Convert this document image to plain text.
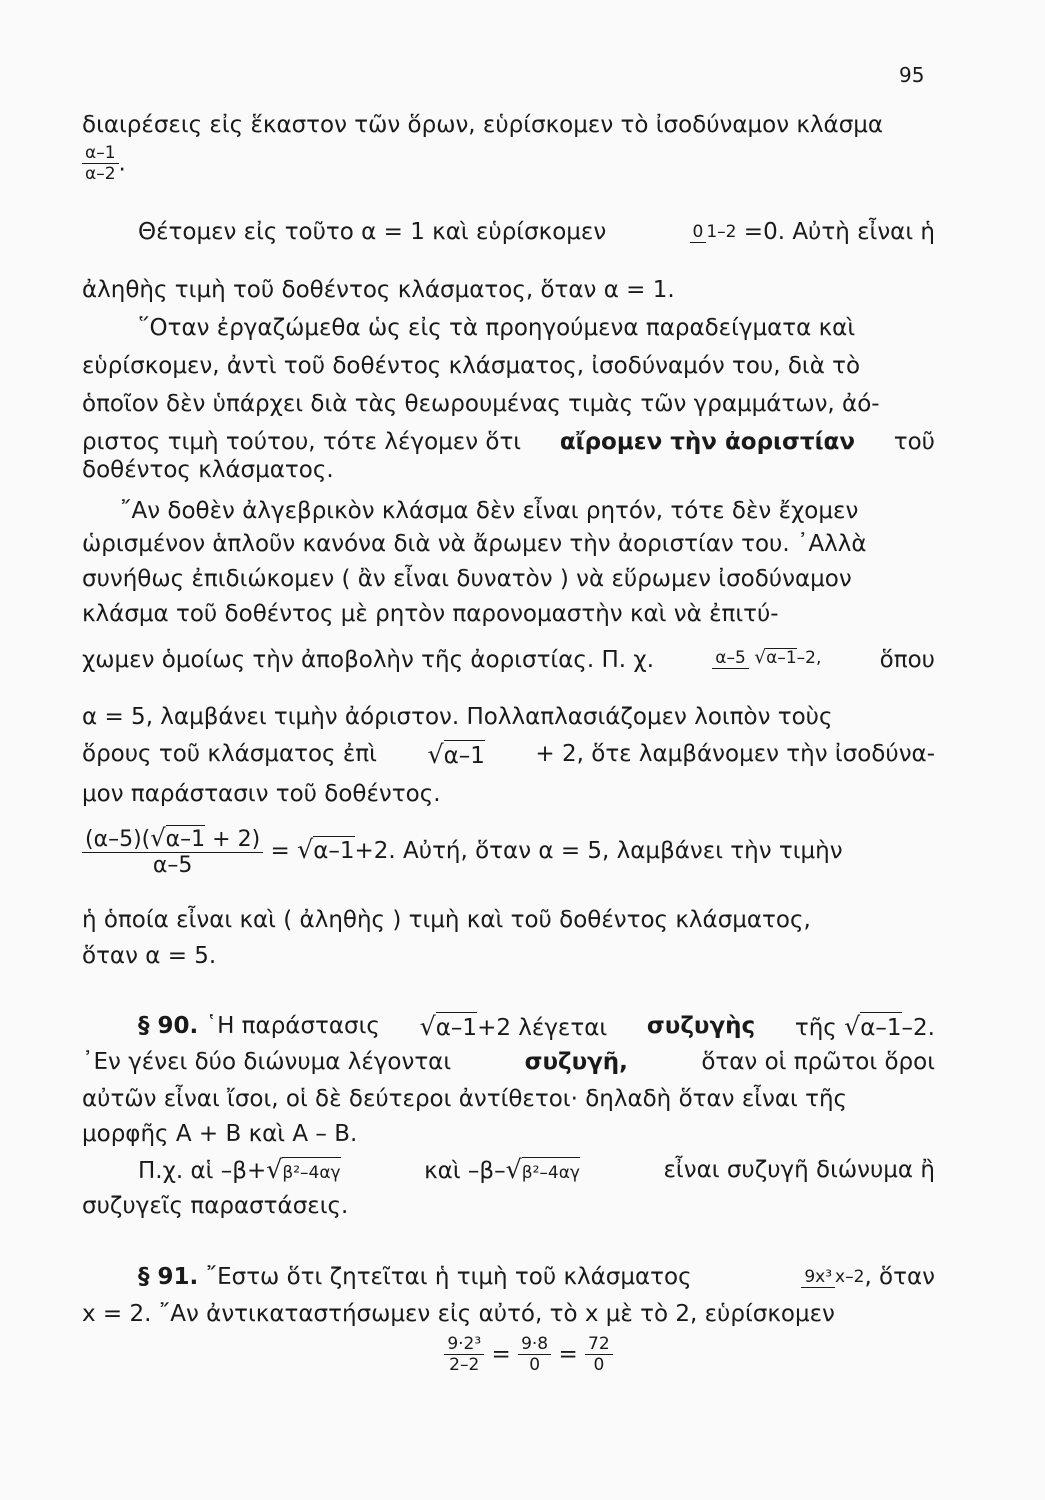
95
διαιρέσεις εἰς ἕκαστον τῶν ὅρων, εὑρίσκομεν τὸ ἰσοδύναμον κλάσμα
$\frac{\alpha-1}{\alpha-2}$ .
Θέτομεν εἰς τοῦτο α = 1 καὶ εὑρίσκομεν	0 1–2 =0. Αὐτὴ εἶναι ἡ
ἀληθὴς τιμὴ τοῦ δοθέντος κλάσματος, ὅταν α = 1.
῞Οταν ἐργαζώμεθα ὡς εἰς τὰ προηγούμενα παραδείγματα καὶ
εὑρίσκομεν, ἀντὶ τοῦ δοθέντος κλάσματος, ἰσοδύναμόν του, διὰ τὸ
ὁποῖον δὲν ὑπάρχει διὰ τὰς θεωρουμένας τιμὰς τῶν γραμμάτων, ἀό-
ριστος τιμὴ τούτου, τότε λέγομεν ὅτι αἴρομεν τὴν ἀοριστίαν τοῦ
δοθέντος κλάσματος.
῎Αν δοθὲν ἀλγεβρικὸν κλάσμα δὲν εἶναι ρητόν, τότε δὲν ἔχομεν
ὡρισμένον ἁπλοῦν κανόνα διὰ νὰ ἄρωμεν τὴν ἀοριστίαν του. ᾿Αλλὰ
συνήθως ἐπιδιώκομεν ( ἂν εἶναι δυνατὸν ) νὰ εὕρωμεν ἰσοδύναμον
κλάσμα τοῦ δοθέντος μὲ ρητὸν παρονομαστὴν καὶ νὰ ἐπιτύ-
χωμεν ὁμοίως τὴν ἀποβολὴν τῆς ἀοριστίας. Π. χ.	α–5 √α–1–2,	ὅπου
α = 5, λαμβάνει τιμὴν ἀόριστον. Πολλαπλασιάζομεν λοιπὸν τοὺς
ὅρους τοῦ κλάσματος ἐπὶ √α–1 + 2, ὅτε λαμβάνομεν τὴν ἰσοδύνα-
μον παράστασιν τοῦ δοθέντος.
$\frac{(\alpha-5)(√\alpha-1 + 2)}{\alpha-5} = √\alpha-1+2$. Αὐτή, ὅταν α = 5, λαμβάνει τὴν τιμὴν
ἡ ὁποία εἶναι καὶ ( ἀληθὴς ) τιμὴ καὶ τοῦ δοθέντος κλάσματος,
ὅταν α = 5.
§ 90. ῾Η παράστασις √α–1+2 λέγεται συζυγὴς τῆς √α–1–2.
᾿Εν γένει δύο διώνυμα λέγονται	συζυγῆ,	ὅταν οἱ πρῶτοι ὅροι
αὐτῶν εἶναι ἴσοι, οἱ δὲ δεύτεροι ἀντίθετοι· δηλαδὴ ὅταν εἶναι τῆς
μορφῆς Α + Β καὶ Α – Β.
Π.χ. αἱ –β+√β²–4αγ	καὶ –β–√β²–4αγ	εἶναι συζυγῆ διώνυμα ἢ
συζυγεῖς παραστάσεις.
§ 91. ῎Εστω ὅτι ζητεῖται ἡ τιμὴ τοῦ κλάσματος	9x³ x–2, ὅταν
x = 2. ῎Αν ἀντικαταστήσωμεν εἰς αὐτό, τὸ x μὲ τὸ 2, εὑρίσκομεν
$\frac{\text{9·2³}}{2-2} = \frac{9\cdot 8}{0} = \frac{72}{0}$
